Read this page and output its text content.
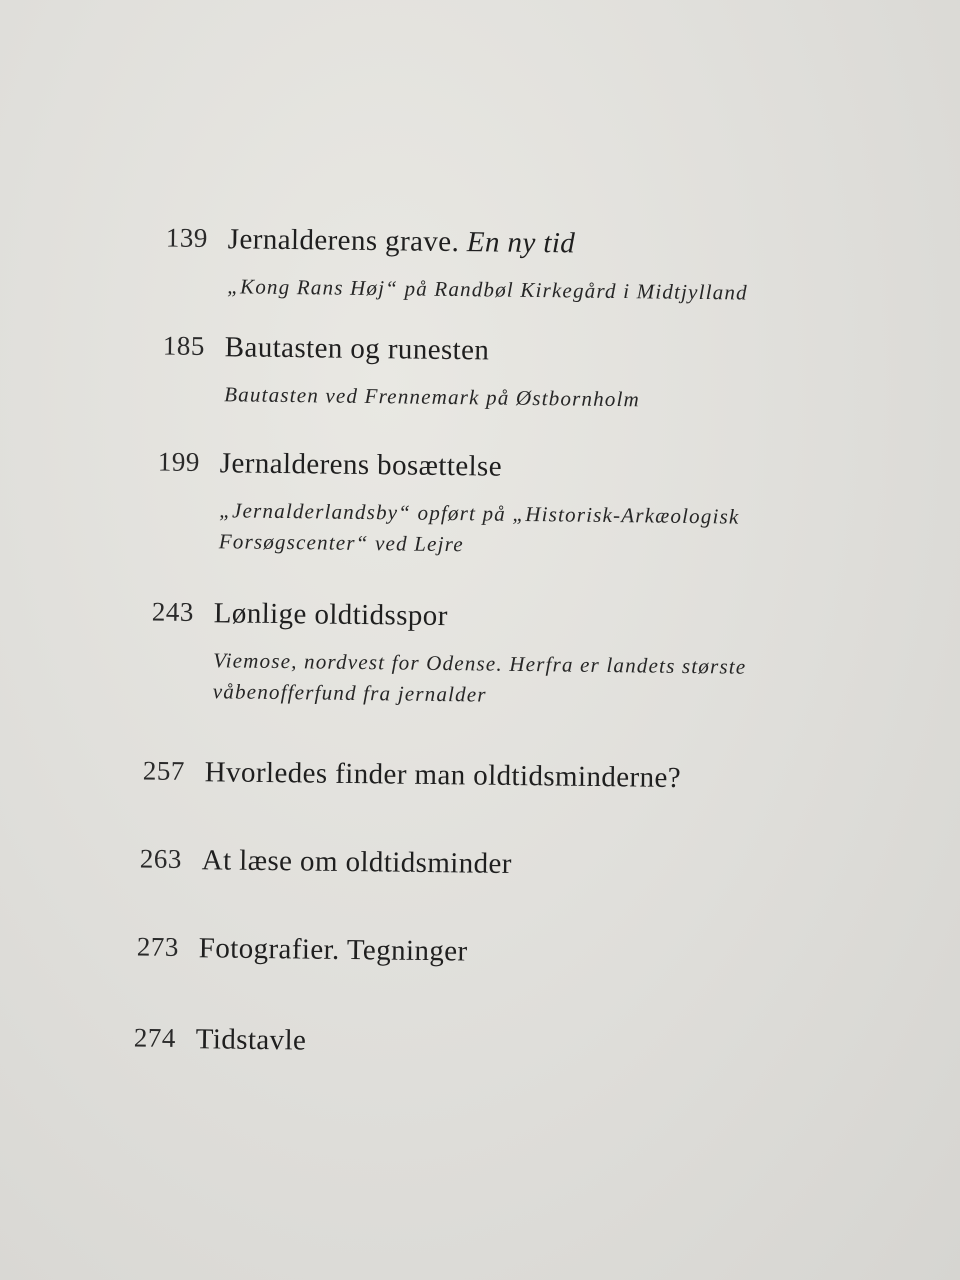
139 Jernalderens grave. En ny tid
„Kong Rans Høj“ på Randbøl Kirkegård i Midtjylland
185 Bautasten og runesten
Bautasten ved Frennemark på Østbornholm
199 Jernalderens bosættelse
„Jernalderlandsby“ opført på „Historisk-Arkæologisk
Forsøgscenter“ ved Lejre
243 Lønlige oldtidsspor
Viemose, nordvest for Odense. Herfra er landets største
våbenofferfund fra jernalder
257 Hvorledes finder man oldtidsminderne?
263 At læse om oldtidsminder
273 Fotografier. Tegninger
274 Tidstavle
